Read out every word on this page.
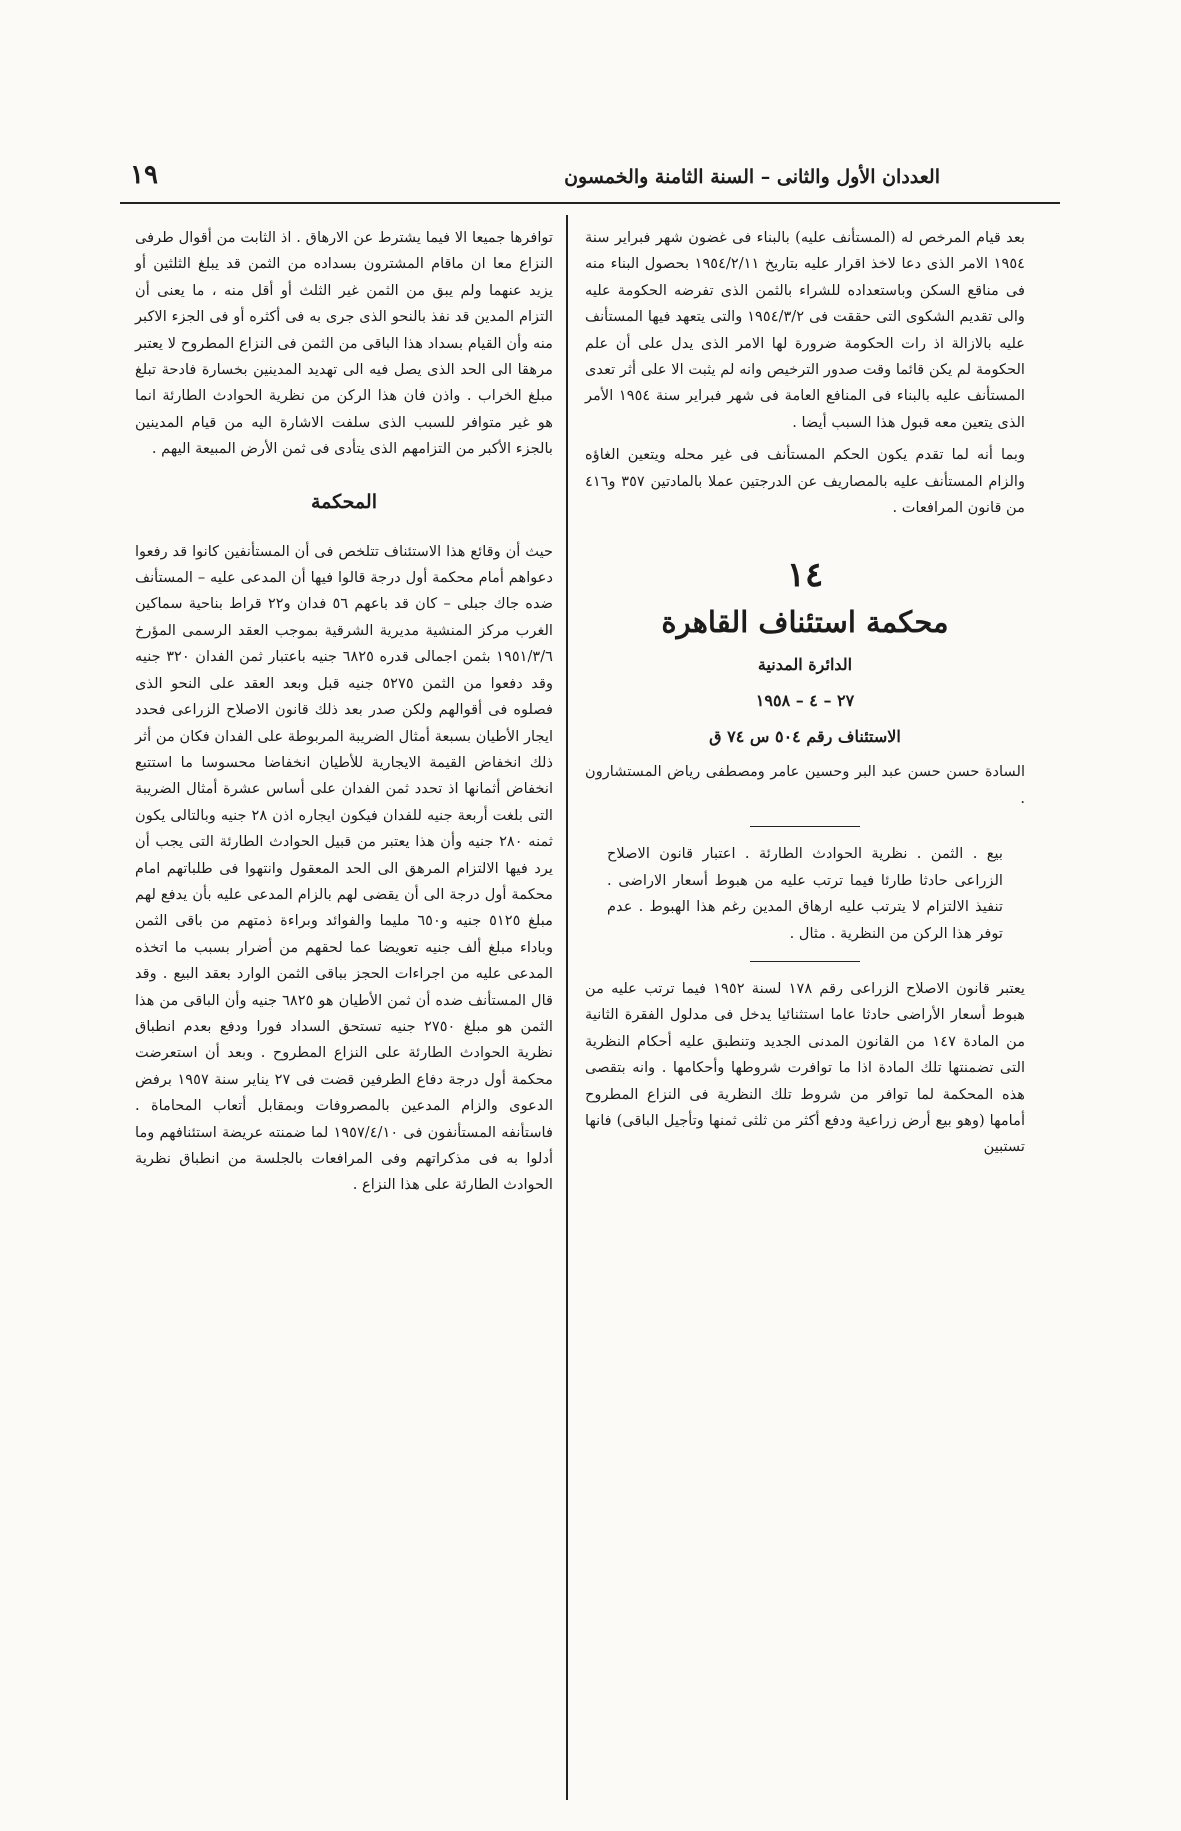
العددان الأول والثانى – السنة الثامنة والخمسون
١٩

بعد قيام المرخص له (المستأنف عليه) بالبناء فى غضون شهر فبراير سنة ١٩٥٤ الامر الذى دعا لاخذ اقرار عليه بتاريخ ١٩٥٤/٢/١١ بحصول البناء منه فى مناقع السكن وباستعداده للشراء بالثمن الذى تفرضه الحكومة عليه والى تقديم الشكوى التى حققت فى ١٩٥٤/٣/٢ والتى يتعهد فيها المستأنف عليه بالازالة اذ رات الحكومة ضرورة لها الامر الذى يدل على أن علم الحكومة لم يكن قائما وقت صدور الترخيص وانه لم يثبت الا على أثر تعدى المستأنف عليه بالبناء فى المنافع العامة فى شهر فبراير سنة ١٩٥٤ الأمر الذى يتعين معه قبول هذا السبب أيضا .

وبما أنه لما تقدم يكون الحكم المستأنف فى غير محله ويتعين الغاؤه والزام المستأنف عليه بالمصاريف عن الدرجتين عملا بالمادتين ٣٥٧ و٤١٦ من قانون المرافعات .

١٤
محكمة استئناف القاهرة
الدائرة المدنية
٢٧ – ٤ – ١٩٥٨
الاستئناف رقم ٥٠٤ س ٧٤ ق

السادة حسن حسن عبد البر وحسين عامر ومصطفى رياض المستشارون .

بيع . الثمن . نظرية الحوادث الطارئة . اعتبار قانون الاصلاح الزراعى حادثا طارئا فيما ترتب عليه من هبوط أسعار الاراضى . تنفيذ الالتزام لا يترتب عليه ارهاق المدين رغم هذا الهبوط . عدم توفر هذا الركن من النظرية . مثال .

يعتبر قانون الاصلاح الزراعى رقم ١٧٨ لسنة ١٩٥٢ فيما ترتب عليه من هبوط أسعار الأراضى حادثا عاما استثنائيا يدخل فى مدلول الفقرة الثانية من المادة ١٤٧ من القانون المدنى الجديد وتنطبق عليه أحكام النظرية التى تضمنتها تلك المادة اذا ما توافرت شروطها وأحكامها . وانه بتقصى هذه المحكمة لما توافر من شروط تلك النظرية فى النزاع المطروح أمامها (وهو بيع أرض زراعية ودفع أكثر من ثلثى ثمنها وتأجيل الباقى) فانها تستبين

توافرها جميعا الا فيما يشترط عن الارهاق . اذ الثابت من أقوال طرفى النزاع معا ان ماقام المشترون بسداده من الثمن قد يبلغ الثلثين أو يزيد عنهما ولم يبق من الثمن غير الثلث أو أقل منه ، ما يعنى أن التزام المدين قد نفذ بالنحو الذى جرى به فى أكثره أو فى الجزء الاكبر منه وأن القيام بسداد هذا الباقى من الثمن فى النزاع المطروح لا يعتبر مرهقا الى الحد الذى يصل فيه الى تهديد المدينين بخسارة فادحة تبلغ مبلغ الخراب . واذن فان هذا الركن من نظرية الحوادث الطارئة انما هو غير متوافر للسبب الذى سلفت الاشارة اليه من قيام المدينين بالجزء الأكبر من التزامهم الذى يتأدى فى ثمن الأرض المبيعة اليهم .

المحكمة

حيث أن وقائع هذا الاستئناف تتلخص فى أن المستأنفين كانوا قد رفعوا دعواهم أمام محكمة أول درجة قالوا فيها أن المدعى عليه – المستأنف ضده جاك جبلى – كان قد باعهم ٥٦ فدان و٢٢ قراط بناحية سماكين الغرب مركز المنشية مديرية الشرقية بموجب العقد الرسمى المؤرخ ١٩٥١/٣/٦ بثمن اجمالى قدره ٦٨٢٥ جنيه باعتبار ثمن الفدان ٣٢٠ جنيه وقد دفعوا من الثمن ٥٢٧٥ جنيه قبل وبعد العقد على النحو الذى فصلوه فى أقوالهم ولكن صدر بعد ذلك قانون الاصلاح الزراعى فحدد ايجار الأطيان بسبعة أمثال الضريبة المربوطة على الفدان فكان من أثر ذلك انخفاض القيمة الايجارية للأطيان انخفاضا محسوسا ما استتبع انخفاض أثمانها اذ تحدد ثمن الفدان على أساس عشرة أمثال الضريبة التى بلغت أربعة جنيه للفدان فيكون ايجاره اذن ٢٨ جنيه وبالتالى يكون ثمنه ٢٨٠ جنيه وأن هذا يعتبر من قبيل الحوادث الطارئة التى يجب أن يرد فيها الالتزام المرهق الى الحد المعقول وانتهوا فى طلباتهم امام محكمة أول درجة الى أن يقضى لهم بالزام المدعى عليه بأن يدفع لهم مبلغ ٥١٢٥ جنيه و٦٥٠ مليما والفوائد وبراءة ذمتهم من باقى الثمن وباداء مبلغ ألف جنيه تعويضا عما لحقهم من أضرار بسبب ما اتخذه المدعى عليه من اجراءات الحجز بباقى الثمن الوارد بعقد البيع . وقد قال المستأنف ضده أن ثمن الأطيان هو ٦٨٢٥ جنيه وأن الباقى من هذا الثمن هو مبلغ ٢٧٥٠ جنيه تستحق السداد فورا ودفع بعدم انطباق نظرية الحوادث الطارئة على النزاع المطروح . وبعد أن استعرضت محكمة أول درجة دفاع الطرفين قضت فى ٢٧ يناير سنة ١٩٥٧ برفض الدعوى والزام المدعين بالمصروفات وبمقابل أتعاب المحاماة . فاستأنفه المستأنفون فى ١٩٥٧/٤/١٠ لما ضمنته عريضة استئنافهم وما أدلوا به فى مذكراتهم وفى المرافعات بالجلسة من انطباق نظرية الحوادث الطارئة على هذا النزاع .
